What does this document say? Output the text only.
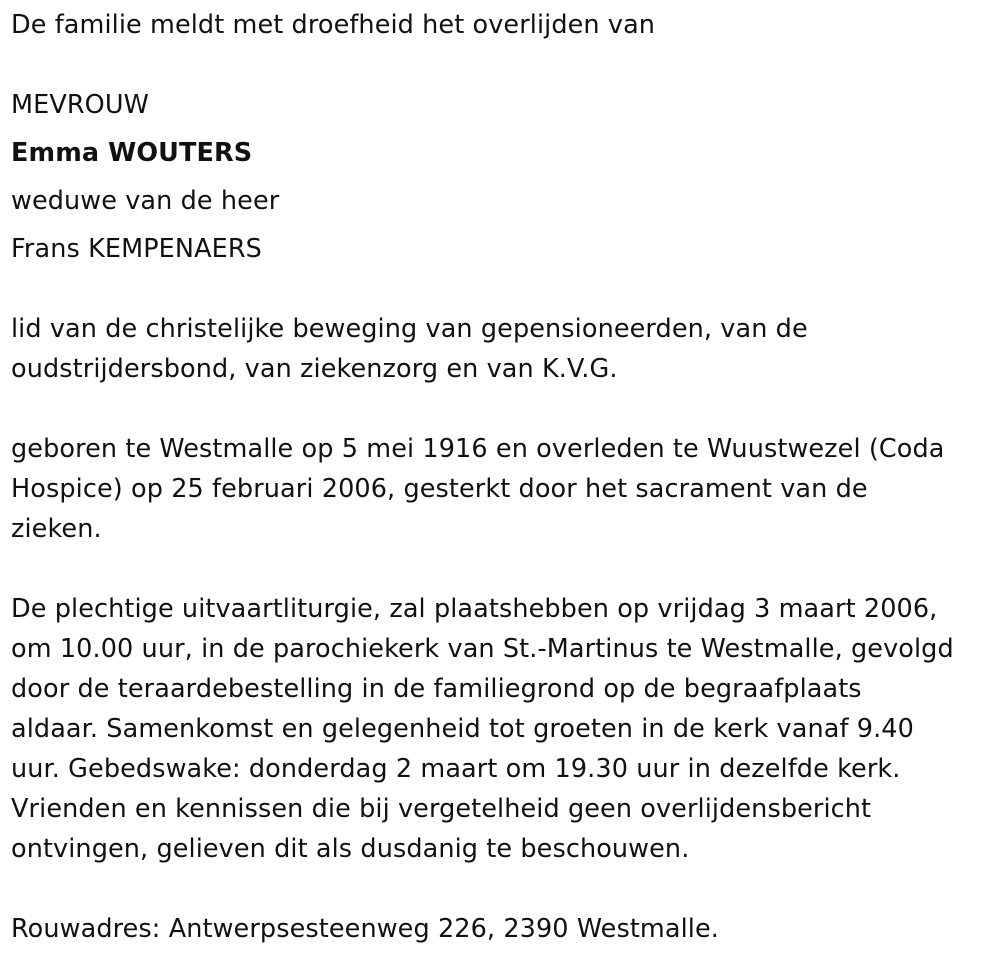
De familie meldt met droefheid het overlijden van
MEVROUW
Emma WOUTERS
weduwe van de heer
Frans KEMPENAERS
lid van de christelijke beweging van gepensioneerden, van de
oudstrijdersbond, van ziekenzorg en van K.V.G.
geboren te Westmalle op 5 mei 1916 en overleden te Wuustwezel (Coda
Hospice) op 25 februari 2006, gesterkt door het sacrament van de
zieken.
De plechtige uitvaartliturgie, zal plaatshebben op vrijdag 3 maart 2006,
om 10.00 uur, in de parochiekerk van St.-Martinus te Westmalle, gevolgd
door de teraardebestelling in de familiegrond op de begraafplaats
aldaar. Samenkomst en gelegenheid tot groeten in de kerk vanaf 9.40
uur. Gebedswake: donderdag 2 maart om 19.30 uur in dezelfde kerk.
Vrienden en kennissen die bij vergetelheid geen overlijdensbericht
ontvingen, gelieven dit als dusdanig te beschouwen.
Rouwadres: Antwerpsesteenweg 226, 2390 Westmalle.
